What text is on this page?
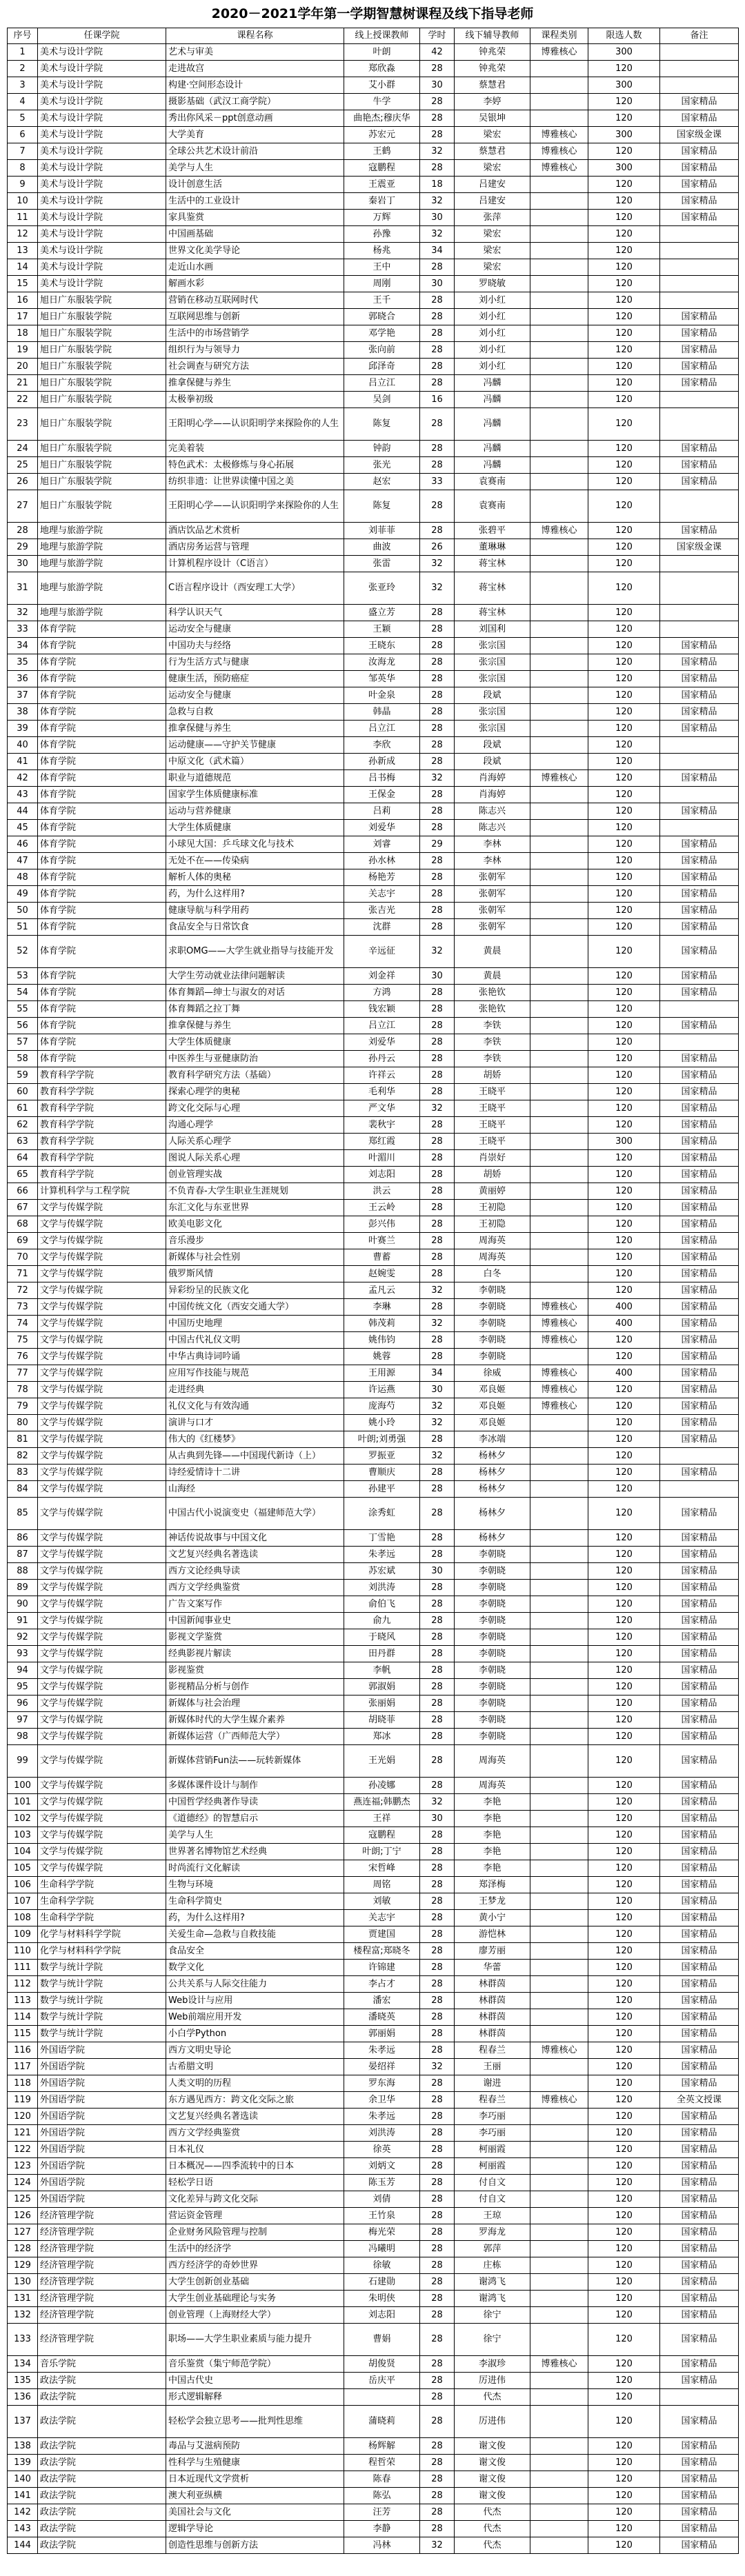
2020－2021学年第一学期智慧树课程及线下指导老师
序号	任课学院	课程名称	线上授课教师	学时	线下辅导教师	课程类别	限选人数	备注
1	美术与设计学院	艺术与审美	叶朗	42	钟兆荣	博雅核心	300	
2	美术与设计学院	走进故宫	郑欣淼	28	钟兆荣		120	
3	美术与设计学院	构建·空间形态设计	艾小群	30	蔡慧君		300	
4	美术与设计学院	摄影基础（武汉工商学院）	牛学	28	李婷		120	国家精品
5	美术与设计学院	秀出你风采－ppt创意动画	曲艳杰;穆庆华	28	吴银坤		120	国家精品
6	美术与设计学院	大学美育	苏宏元	28	梁宏	博雅核心	300	国家级金课
7	美术与设计学院	全球公共艺术设计前沿	王鹤	32	蔡慧君	博雅核心	120	国家精品
8	美术与设计学院	美学与人生	寇鹏程	28	梁宏	博雅核心	300	国家精品
9	美术与设计学院	设计创意生活	王震亚	18	吕建安		120	国家精品
10	美术与设计学院	生活中的工业设计	秦岩丁	32	吕建安		120	国家精品
11	美术与设计学院	家具鉴赏	万辉	30	张萍		120	国家精品
12	美术与设计学院	中国画基础	孙豫	32	梁宏		120	
13	美术与设计学院	世界文化美学导论	杨兆	34	梁宏		120	
14	美术与设计学院	走近山水画	王中	28	梁宏		120	
15	美术与设计学院	解画水彩	周刚	30	罗晓敏		120	
16	旭日广东服装学院	营销在移动互联网时代	王千	28	刘小红		120	
17	旭日广东服装学院	互联网思维与创新	郭晓合	28	刘小红		120	国家精品
18	旭日广东服装学院	生活中的市场营销学	邓学艳	28	刘小红		120	国家精品
19	旭日广东服装学院	组织行为与领导力	张向前	28	刘小红		120	国家精品
20	旭日广东服装学院	社会调查与研究方法	邱泽奇	28	刘小红		120	国家精品
21	旭日广东服装学院	推拿保健与养生	吕立江	28	冯麟		120	国家精品
22	旭日广东服装学院	太极拳初级	吴剑	16	冯麟		120	
23	旭日广东服装学院	王阳明心学——认识阳明学来探险你的人生	陈复	28	冯麟		120	
24	旭日广东服装学院	完美着装	钟韵	28	冯麟		120	国家精品
25	旭日广东服装学院	特色武术：太极修炼与身心拓展	张光	28	冯麟		120	国家精品
26	旭日广东服装学院	纺织非遗：让世界读懂中国之美	赵宏	33	袁赛南		120	国家精品
27	旭日广东服装学院	王阳明心学——认识阳明学来探险你的人生	陈复	28	袁赛南		120	
28	地理与旅游学院	酒店饮品艺术赏析	刘菲菲	28	张碧平	博雅核心	120	国家精品
29	地理与旅游学院	酒店房务运营与管理	曲波	26	董琳琳		120	国家级金课
30	地理与旅游学院	计算机程序设计（C语言）	张雷	32	蒋宝林		120	
31	地理与旅游学院	C语言程序设计（西安理工大学）	张亚玲	32	蒋宝林		120	
32	地理与旅游学院	科学认识天气	盛立芳	28	蒋宝林		120	
33	体育学院	运动安全与健康	王颖	28	刘国利		120	
34	体育学院	中国功夫与经络	王晓东	28	张宗国		120	国家精品
35	体育学院	行为生活方式与健康	汝海龙	28	张宗国		120	国家精品
36	体育学院	健康生活，预防癌症	邹英华	28	张宗国		120	国家精品
37	体育学院	运动安全与健康	叶金泉	28	段斌		120	国家精品
38	体育学院	急救与自救	韩晶	28	张宗国		120	国家精品
39	体育学院	推拿保健与养生	吕立江	28	张宗国		120	国家精品
40	体育学院	运动健康——守护关节健康	李欣	28	段斌		120	
41	体育学院	中原文化（武术篇）	孙新成	28	段斌		120	
42	体育学院	职业与道德规范	吕书梅	32	肖海婷	博雅核心	120	国家精品
43	体育学院	国家学生体质健康标准	王保金	28	肖海婷		120	
44	体育学院	运动与营养健康	吕莉	28	陈志兴		120	国家精品
45	体育学院	大学生体质健康	刘爱华	28	陈志兴		120	
46	体育学院	小球见大国：乒乓球文化与技术	刘睿	29	李林		120	国家精品
47	体育学院	无处不在——传染病	孙水林	28	李林		120	国家精品
48	体育学院	解析人体的奥秘	杨艳芳	28	张朝军		120	国家精品
49	体育学院	药，为什么这样用?	关志宇	28	张朝军		120	国家精品
50	体育学院	健康导航与科学用药	张吉光	28	张朝军		120	国家精品
51	体育学院	食品安全与日常饮食	沈群	28	张朝军		120	国家精品
52	体育学院	求职OMG——大学生就业指导与技能开发	辛远征	32	黄晨		120	国家精品
53	体育学院	大学生劳动就业法律问题解读	刘金祥	30	黄晨		120	国家精品
54	体育学院	体育舞蹈—绅士与淑女的对话	方鸿	28	张艳钦		120	国家精品
55	体育学院	体育舞蹈之拉丁舞	钱宏颖	28	张艳钦		120	
56	体育学院	推拿保健与养生	吕立江	28	李铁		120	国家精品
57	体育学院	大学生体质健康	刘爱华	28	李铁		120	
58	体育学院	中医养生与亚健康防治	孙丹云	28	李铁		120	国家精品
59	教育科学学院	教育科学研究方法（基础）	许祥云	28	胡娇		120	国家精品
60	教育科学学院	探索心理学的奥秘	毛利华	28	王晓平		120	国家精品
61	教育科学学院	跨文化交际与心理	严文华	32	王晓平		120	国家精品
62	教育科学学院	沟通心理学	裴秋宇	28	王晓平		120	国家精品
63	教育科学学院	人际关系心理学	郑红霞	28	王晓平		300	国家精品
64	教育科学学院	图说人际关系心理	叶湄川	28	肖崇好		120	国家精品
65	教育科学学院	创业管理实战	刘志阳	28	胡娇		120	国家精品
66	计算机科学与工程学院	不负青春-大学生职业生涯规划	洪云	28	黄丽婷		120	国家精品
67	文学与传媒学院	东汇文化与东亚世界	王云岭	28	王初隐		120	国家精品
68	文学与传媒学院	欧美电影文化	彭兴伟	28	王初隐		120	国家精品
69	文学与传媒学院	音乐漫步	叶赛兰	28	周海英		120	国家精品
70	文学与传媒学院	新媒体与社会性别	曹蓄	28	周海英		120	国家精品
71	文学与传媒学院	俄罗斯风情	赵婉雯	28	白冬		120	国家精品
72	文学与传媒学院	异彩纷呈的民族文化	孟凡云	32	李朝晓		120	国家精品
73	文学与传媒学院	中国传统文化（西安交通大学）	李琳	28	李朝晓	博雅核心	400	国家精品
74	文学与传媒学院	中国历史地理	韩茂莉	32	李朝晓	博雅核心	400	国家精品
75	文学与传媒学院	中国古代礼仪文明	姚伟钧	28	李朝晓	博雅核心	120	国家精品
76	文学与传媒学院	中华古典诗词吟诵	姚蓉	28	李朝晓		120	国家精品
77	文学与传媒学院	应用写作技能与规范	王用源	34	徐威	博雅核心	400	国家精品
78	文学与传媒学院	走进经典	许运燕	30	邓良姬	博雅核心	120	国家精品
79	文学与传媒学院	礼仪文化与有效沟通	庞海芍	32	邓良姬	博雅核心	120	国家精品
80	文学与传媒学院	演讲与口才	姚小玲	32	邓良姬		120	国家精品
81	文学与传媒学院	伟大的《红楼梦》	叶朗;刘勇强	28	李冰端		120	国家精品
82	文学与传媒学院	从古典到先锋——中国现代新诗（上）	罗振亚	32	杨林夕		120	
83	文学与传媒学院	诗经爱情诗十二讲	曹顺庆	28	杨林夕		120	国家精品
84	文学与传媒学院	山海经	孙建平	28	杨林夕		120	
85	文学与传媒学院	中国古代小说演变史（福建师范大学）	涂秀虹	28	杨林夕		120	国家精品
86	文学与传媒学院	神话传说故事与中国文化	丁雪艳	28	杨林夕		120	国家精品
87	文学与传媒学院	文艺复兴经典名著选读	朱孝远	28	李朝晓		120	国家精品
88	文学与传媒学院	西方文论经典导读	苏宏斌	30	李朝晓		120	国家精品
89	文学与传媒学院	西方文学经典鉴赏	刘洪涛	28	李朝晓		120	国家精品
90	文学与传媒学院	广告文案写作	俞伯飞	28	李朝晓		120	国家精品
91	文学与传媒学院	中国新闻事业史	俞九	28	李朝晓		120	国家精品
92	文学与传媒学院	影视文学鉴赏	于晓风	28	李朝晓		120	国家精品
93	文学与传媒学院	经典影视片解读	田丹群	28	李朝晓		120	国家精品
94	文学与传媒学院	影视鉴赏	李帆	28	李朝晓		120	国家精品
95	文学与传媒学院	影视精品分析与创作	郭淑娟	28	李朝晓		120	国家精品
96	文学与传媒学院	新媒体与社会治理	张丽娟	28	李朝晓		120	国家精品
97	文学与传媒学院	新媒体时代的大学生媒介素养	胡晓菲	28	李朝晓		120	国家精品
98	文学与传媒学院	新媒体运营（广西师范大学）	郑冰	28	李朝晓		120	国家精品
99	文学与传媒学院	新媒体营销Fun法——玩转新媒体	王光娟	28	周海英		120	国家精品
100	文学与传媒学院	多媒体课件设计与制作	孙凌娜	28	周海英		120	国家精品
101	文学与传媒学院	中国哲学经典著作导读	燕连福;韩鹏杰	32	李艳		120	国家精品
102	文学与传媒学院	《道德经》的智慧启示	王祥	30	李艳		120	国家精品
103	文学与传媒学院	美学与人生	寇鹏程	28	李艳		120	国家精品
104	文学与传媒学院	世界著名博物馆艺术经典	叶朗;丁宁	28	李艳		120	国家精品
105	文学与传媒学院	时尚流行文化解读	宋哲峰	28	李艳		120	国家精品
106	生命科学学院	生物与环境	周铭	28	郑泽梅		120	国家精品
107	生命科学学院	生命科学简史	刘敏	28	王梦龙		120	国家精品
108	生命科学学院	药，为什么这样用?	关志宇	28	黄小宁		120	国家精品
109	化学与材料科学学院	关爱生命—急救与自救技能	贾建国	28	游恺林		120	国家精品
110	化学与材料科学学院	食品安全	楼程富;郑晓冬	28	廖芳丽		120	国家精品
111	数学与统计学院	数学文化	许锦建	28	华蕾		120	国家精品
112	数学与统计学院	公共关系与人际交往能力	李占才	28	林群茵		120	国家精品
113	数学与统计学院	Web设计与应用	潘宏	28	林群茵		120	国家精品
114	数学与统计学院	Web前端应用开发	潘晓英	28	林群茵		120	国家精品
115	数学与统计学院	小白学Python	郭丽娟	28	林群茵		120	国家精品
116	外国语学院	西方文明史导论	朱孝远	28	程春兰	博雅核心	120	国家精品
117	外国语学院	古希腊文明	晏绍祥	32	王丽		120	国家精品
118	外国语学院	人类文明的历程	罗东海	28	谢进		120	国家精品
119	外国语学院	东方遇见西方：跨文化交际之旅	余卫华	28	程春兰	博雅核心	120	全英文授课
120	外国语学院	文艺复兴经典名著选读	朱孝远	28	李巧丽		120	国家精品
121	外国语学院	西方文学经典鉴赏	刘洪涛	28	李巧丽		120	国家精品
122	外国语学院	日本礼仪	徐英	28	柯丽霞		120	国家精品
123	外国语学院	日本概况——四季流转中的日本	刘炳文	28	柯丽霞		120	国家精品
124	外国语学院	轻松学日语	陈玉芳	28	付自文		120	国家精品
125	外国语学院	文化差异与跨文化交际	刘倩	28	付自文		120	国家精品
126	经济管理学院	营运资金管理	王竹泉	28	王琼		120	国家精品
127	经济管理学院	企业财务风险管理与控制	梅光荣	28	罗海龙		120	国家精品
128	经济管理学院	生活中的经济学	冯曦明	28	郭萍		120	国家精品
129	经济管理学院	西方经济学的奇妙世界	徐敏	28	庄栋		120	国家精品
130	经济管理学院	大学生创新创业基础	石建勋	28	谢鸿飞		120	国家精品
131	经济管理学院	大学生创业基础理论与实务	朱明侠	28	谢鸿飞		120	国家精品
132	经济管理学院	创业管理（上海财经大学）	刘志阳	28	徐宁		120	国家精品
133	经济管理学院	职场——大学生职业素质与能力提升	曹娟	28	徐宁		120	国家精品
134	音乐学院	音乐鉴赏（集宁师范学院）	胡俊贤	28	李淑珍	博雅核心	120	国家精品
135	政法学院	中国古代史	岳庆平	28	厉进伟		120	国家精品
136	政法学院	形式逻辑解释		28	代杰		120	
137	政法学院	轻松学会独立思考——批判性思维	蒲晓莉	28	厉进伟		120	国家精品
138	政法学院	毒品与艾滋病预防	杨辉解	28	谢文俊		120	国家精品
139	政法学院	性科学与生殖健康	程哲荣	28	谢文俊		120	国家精品
140	政法学院	日本近现代文学赏析	陈春	28	谢文俊		120	国家精品
141	政法学院	澳大利亚纵横	陈弘	28	谢文俊		120	国家精品
142	政法学院	美国社会与文化	汪芳	28	代杰		120	国家精品
143	政法学院	逻辑学导论	李静	28	代杰		120	国家精品
144	政法学院	创造性思维与创新方法	冯林	32	代杰		120	国家精品
